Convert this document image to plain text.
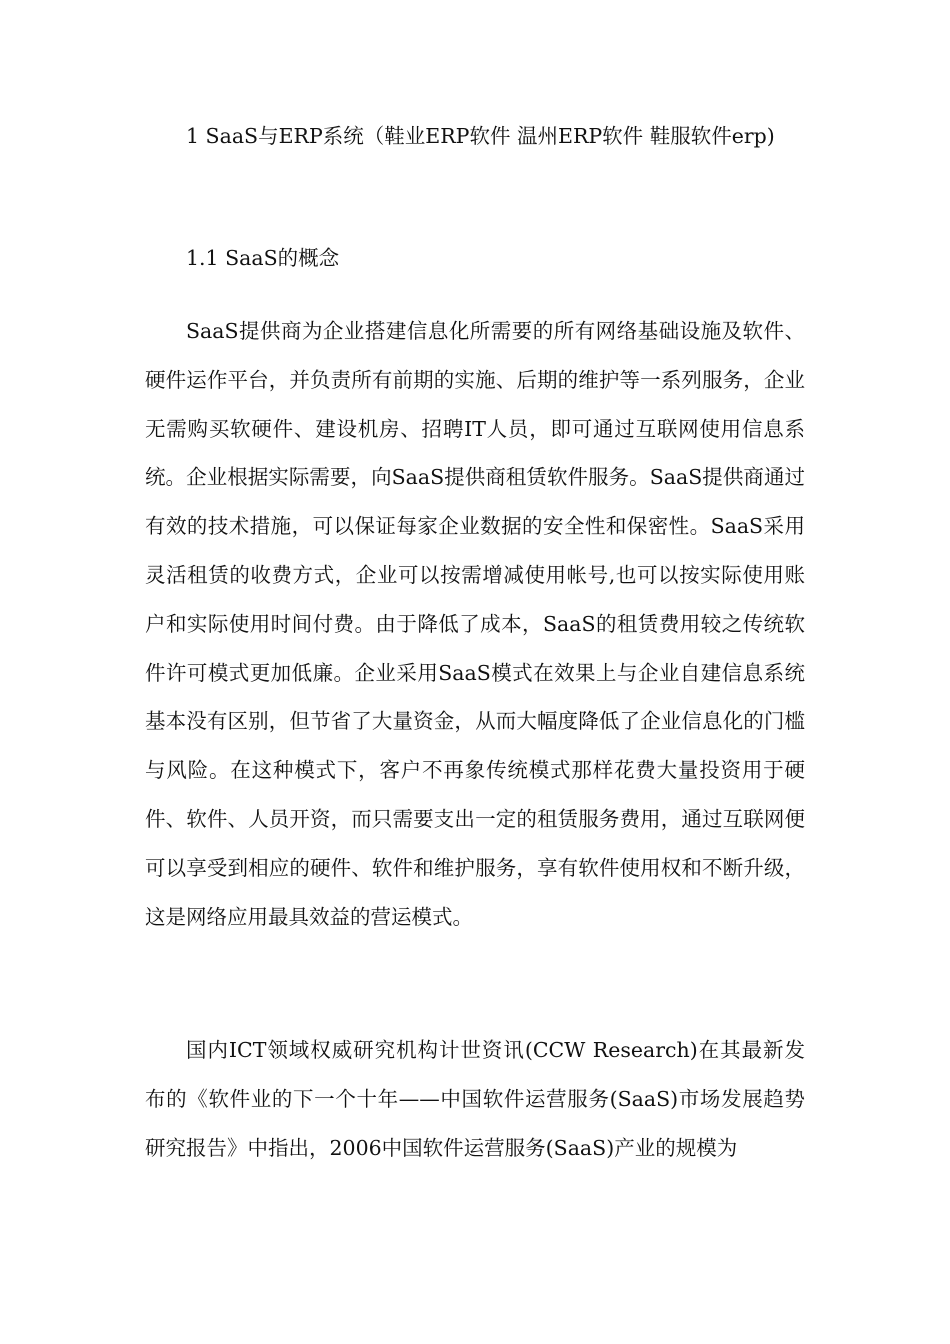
1 SaaS与ERP系统（鞋业ERP软件 温州ERP软件 鞋服软件erp)

1.1 SaaS的概念

SaaS提供商为企业搭建信息化所需要的所有网络基础设施及软件、硬件运作平台，并负责所有前期的实施、后期的维护等一系列服务，企业无需购买软硬件、建设机房、招聘IT人员，即可通过互联网使用信息系统。企业根据实际需要，向SaaS提供商租赁软件服务。SaaS提供商通过有效的技术措施，可以保证每家企业数据的安全性和保密性。SaaS采用灵活租赁的收费方式，企业可以按需增减使用帐号,也可以按实际使用账户和实际使用时间付费。由于降低了成本，SaaS的租赁费用较之传统软件许可模式更加低廉。企业采用SaaS模式在效果上与企业自建信息系统基本没有区别，但节省了大量资金，从而大幅度降低了企业信息化的门槛与风险。在这种模式下，客户不再象传统模式那样花费大量投资用于硬件、软件、人员开资，而只需要支出一定的租赁服务费用，通过互联网便可以享受到相应的硬件、软件和维护服务，享有软件使用权和不断升级，这是网络应用最具效益的营运模式。

国内ICT领域权威研究机构计世资讯(CCW Research)在其最新发布的《软件业的下一个十年——中国软件运营服务(SaaS)市场发展趋势研究报告》中指出，2006中国软件运营服务(SaaS)产业的规模为
